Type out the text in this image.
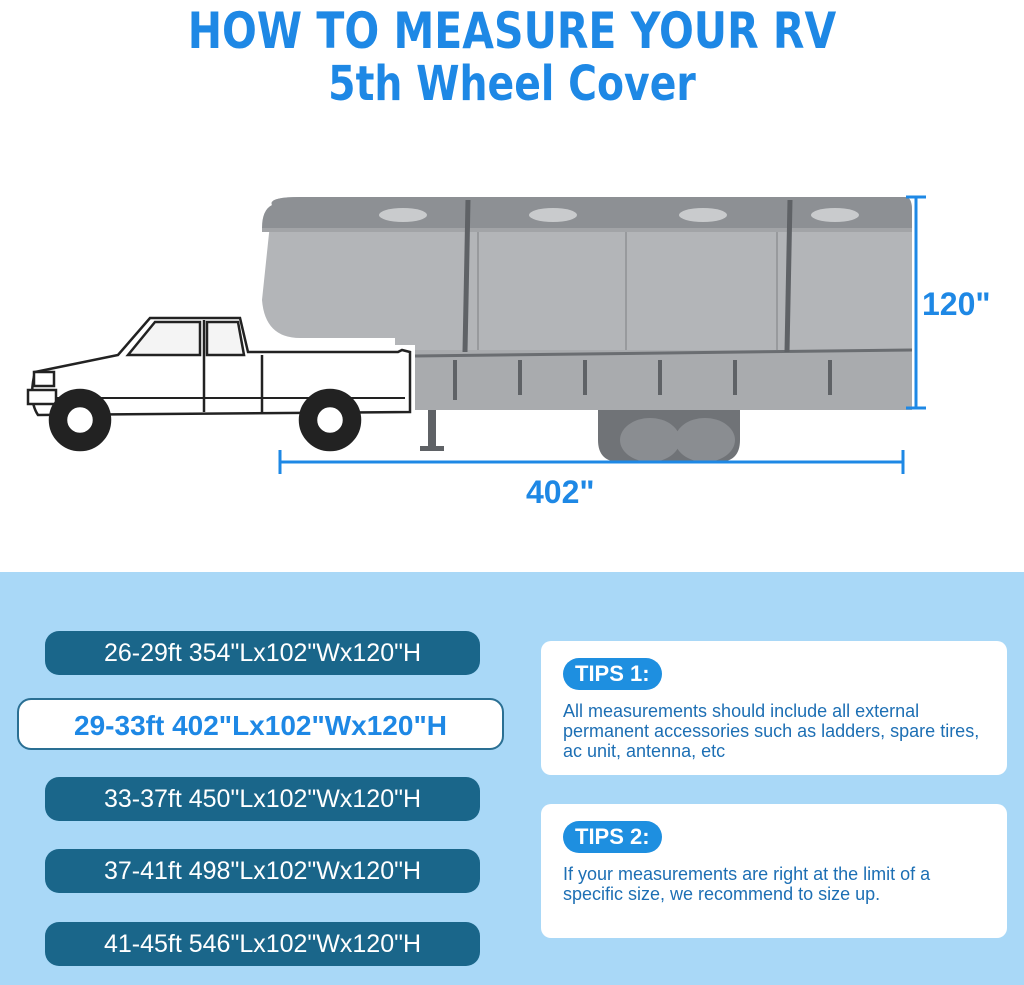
HOW TO MEASURE YOUR RV
5th Wheel Cover
120"
402"
26-29ft 354"Lx102"Wx120"H
29-33ft 402"Lx102"Wx120"H
33-37ft 450"Lx102"Wx120"H
37-41ft 498"Lx102"Wx120"H
41-45ft 546"Lx102"Wx120"H
TIPS 1:
All measurements should include all external permanent accessories such as ladders, spare tires, ac unit, antenna, etc
TIPS 2:
If your measurements are right at the limit of a specific size, we recommend to size up.
